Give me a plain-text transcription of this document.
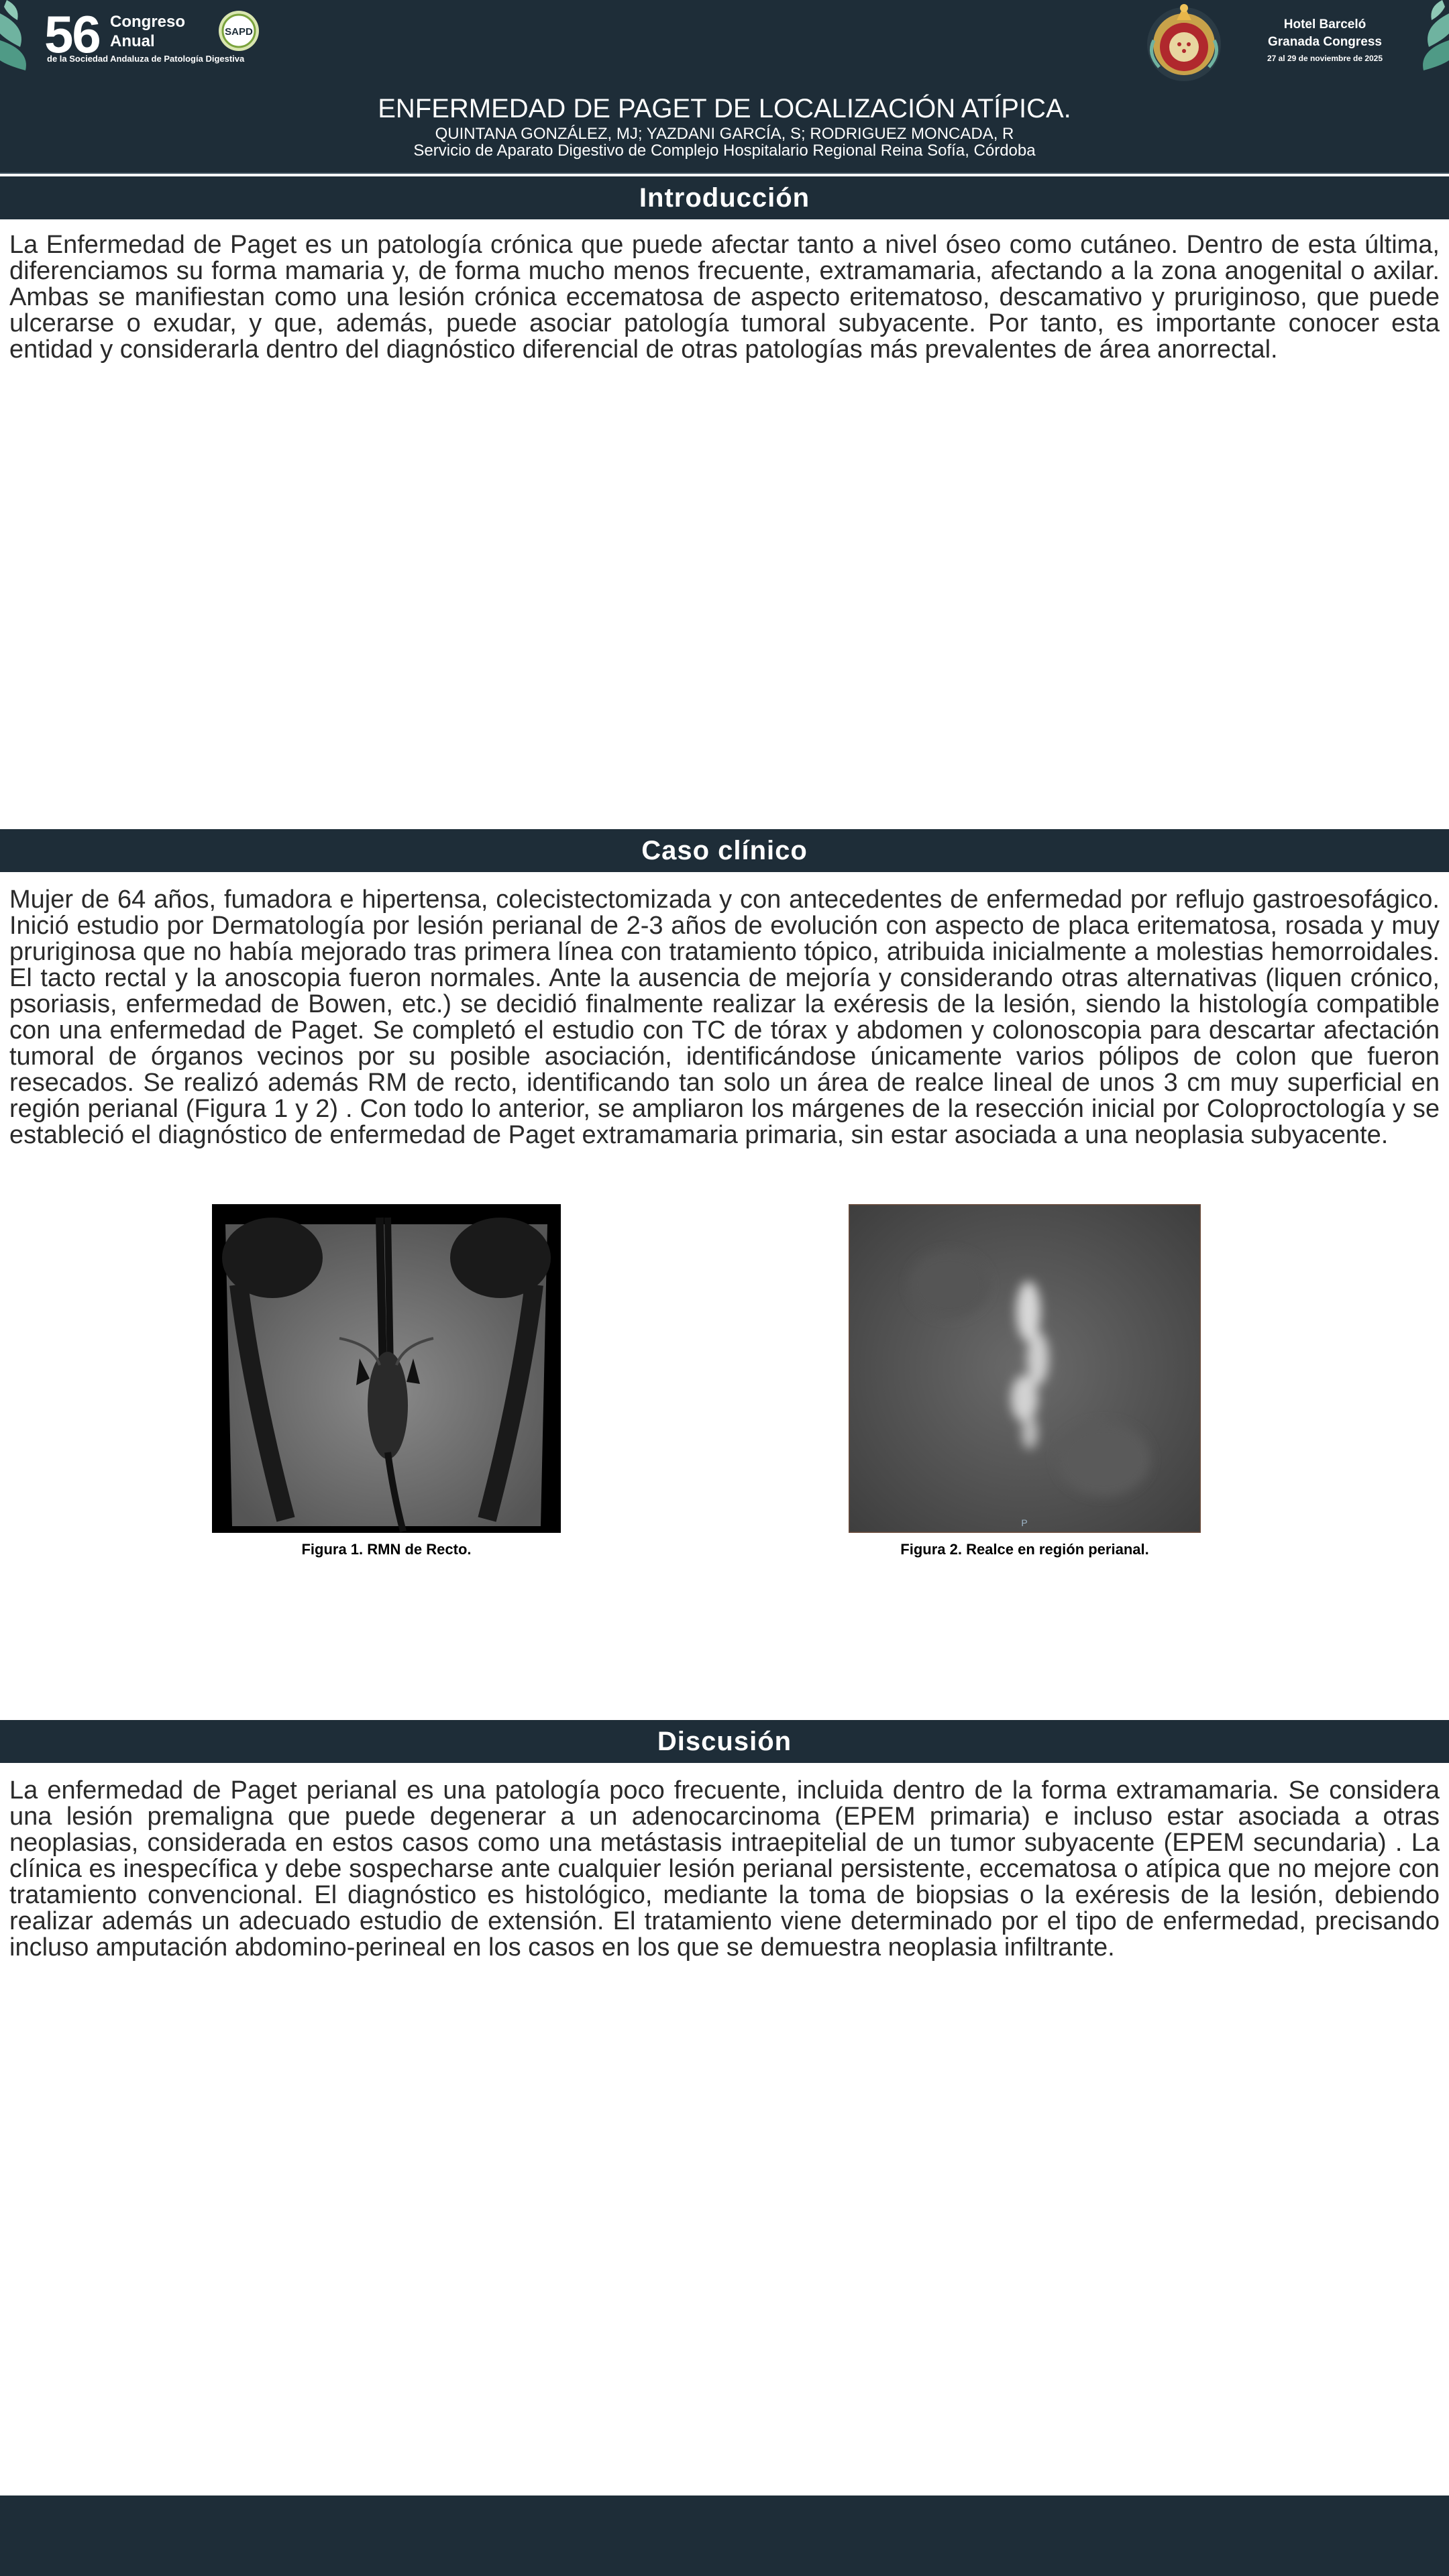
56 Congreso
Anual
de la Sociedad Andaluza de Patología Digestiva
SAPD
Hotel Barceló
Granada Congress
27 al 29 de noviembre de 2025
ENFERMEDAD DE PAGET DE LOCALIZACIÓN ATÍPICA.
QUINTANA GONZÁLEZ, MJ; YAZDANI GARCÍA, S; RODRIGUEZ MONCADA, R
Servicio de Aparato Digestivo de Complejo Hospitalario Regional Reina Sofía, Córdoba
Introducción
La Enfermedad de Paget es un patología crónica que puede afectar tanto a nivel óseo como cutáneo. Dentro de esta última, diferenciamos su forma mamaria y, de forma mucho menos frecuente, extramamaria, afectando a la zona anogenital o axilar. Ambas se manifiestan como una lesión crónica eccematosa de aspecto eritematoso, descamativo y pruriginoso, que puede ulcerarse o exudar, y que, además, puede asociar patología tumoral subyacente. Por tanto, es importante conocer esta entidad y considerarla dentro del diagnóstico diferencial de otras patologías más prevalentes de área anorrectal.
Caso clínico
Mujer de 64 años, fumadora e hipertensa, colecistectomizada y con antecedentes de enfermedad por reflujo gastroesofágico. Inició estudio por Dermatología por lesión perianal de 2-3 años de evolución con aspecto de placa eritematosa, rosada y muy pruriginosa que no había mejorado tras primera línea con tratamiento tópico, atribuida inicialmente a molestias hemorroidales. El tacto rectal y la anoscopia fueron normales. Ante la ausencia de mejoría y considerando otras alternativas (liquen crónico, psoriasis, enfermedad de Bowen, etc.) se decidió finalmente realizar la exéresis de la lesión, siendo la histología compatible con una enfermedad de Paget. Se completó el estudio con TC de tórax y abdomen y colonoscopia para descartar afectación tumoral de órganos vecinos por su posible asociación, identificándose únicamente varios pólipos de colon que fueron resecados. Se realizó además RM de recto, identificando tan solo un área de realce lineal de unos 3 cm muy superficial en región perianal (Figura 1 y 2) . Con todo lo anterior, se ampliaron los márgenes de la resección inicial por Coloproctología y se estableció el diagnóstico de enfermedad de Paget extramamaria primaria, sin estar asociada a una neoplasia subyacente.
Figura 1. RMN de Recto.
P
Figura 2. Realce en región perianal.
Discusión
La enfermedad de Paget perianal es una patología poco frecuente, incluida dentro de la forma extramamaria. Se considera una lesión premaligna que puede degenerar a un adenocarcinoma (EPEM primaria) e incluso estar asociada a otras neoplasias, considerada en estos casos como una metástasis intraepitelial de un tumor subyacente (EPEM secundaria) . La clínica es inespecífica y debe sospecharse ante cualquier lesión perianal persistente, eccematosa o atípica que no mejore con tratamiento convencional. El diagnóstico es histológico, mediante la toma de biopsias o la exéresis de la lesión, debiendo realizar además un adecuado estudio de extensión. El tratamiento viene determinado por el tipo de enfermedad, precisando incluso amputación abdomino-perineal en los casos en los que se demuestra neoplasia infiltrante.
